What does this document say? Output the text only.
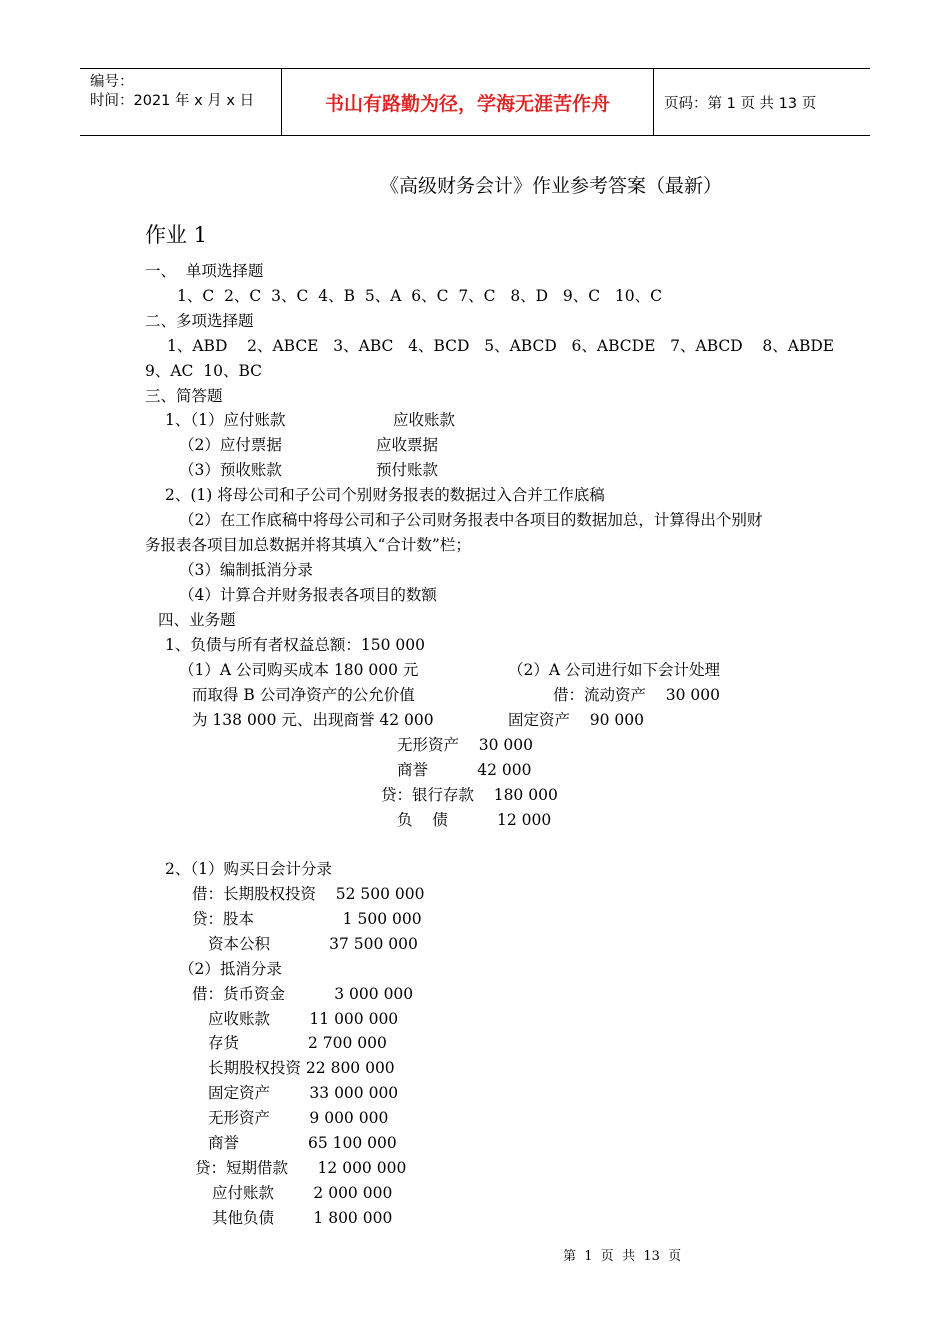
编号：
时间：2021 年 x 月 x 日	书山有路勤为径，学海无涯苦作舟	页码：第 1 页 共 13 页
《高级财务会计》作业参考答案（最新）
作业 1
一、  单项选择题
1、C  2、C  3、C  4、B  5、A  6、C  7、C   8、D   9、C   10、C
二、多项选择题
1、ABD    2、ABCE   3、ABC   4、BCD   5、ABCD   6、ABCDE   7、ABCD    8、ABDE
9、AC  10、BC
三、简答题
1、（1）应付账款	应收账款
（2）应付票据	应收票据
（3）预收账款	预付账款
2、(1) 将母公司和子公司个别财务报表的数据过入合并工作底稿
（2）在工作底稿中将母公司和子公司财务报表中各项目的数据加总，计算得出个别财
务报表各项目加总数据并将其填入“合计数”栏；
（3）编制抵消分录
（4）计算合并财务报表各项目的数额
四、业务题
1、负债与所有者权益总额：150 000
（1）A 公司购买成本 180 000 元	（2）A 公司进行如下会计处理
而取得 B 公司净资产的公允价值	借：流动资产    30 000
为 138 000 元、出现商誉 42 000	固定资产    90 000
无形资产    30 000
商誉          42 000
贷：银行存款    180 000
负    债          12 000
2、（1）购买日会计分录
借：长期股权投资    52 500 000
贷：股本                  1 500 000
资本公积            37 500 000
（2）抵消分录
借：货币资金          3 000 000
应收账款        11 000 000
存货              2 700 000
长期股权投资 22 800 000
固定资产        33 000 000
无形资产        9 000 000
商誉              65 100 000
贷：短期借款      12 000 000
应付账款        2 000 000
其他负债        1 800 000
第  1  页  共  13  页
